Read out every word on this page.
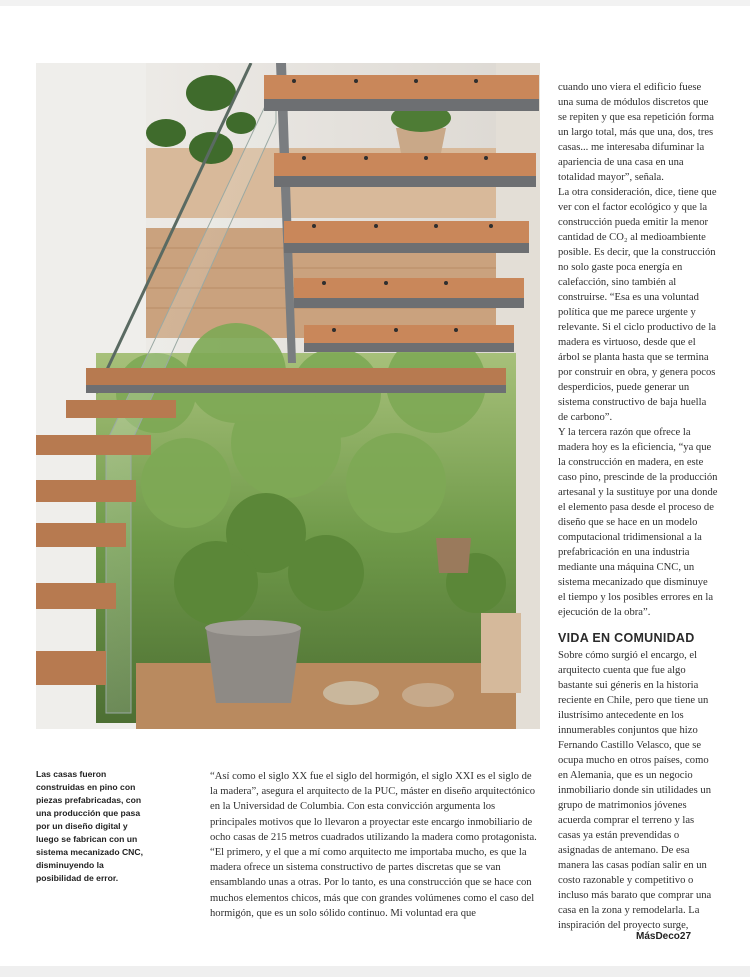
cuando uno viera el edificio fuese una suma de módulos discretos que se repiten y que esa repetición forma un largo total, más que una, dos, tres casas... me interesaba difuminar la apariencia de una casa en una totalidad mayor”, señala.

La otra consideración, dice, tiene que ver con el factor ecológico y que la construcción pueda emitir la menor cantidad de CO₂ al medioambiente posible. Es decir, que la construcción no solo gaste poca energía en calefacción, sino también al construirse. “Esa es una voluntad política que me parece urgente y relevante. Si el ciclo productivo de la madera es virtuoso, desde que el árbol se planta hasta que se termina por construir en obra, y genera pocos desperdicios, puede generar un sistema constructivo de baja huella de carbono”.

Y la tercera razón que ofrece la madera hoy es la eficiencia, “ya que la construcción en madera, en este caso pino, prescinde de la producción artesanal y la sustituye por una donde el elemento pasa desde el proceso de diseño que se hace en un modelo computacional tridimensional a la prefabricación en una industria mediante una máquina CNC, un sistema mecanizado que disminuye el tiempo y los posibles errores en la ejecución de la obra”.

VIDA EN COMUNIDAD

Sobre cómo surgió el encargo, el arquitecto cuenta que fue algo bastante sui géneris en la historia reciente en Chile, pero que tiene un ilustrísimo antecedente en los innumerables conjuntos que hizo Fernando Castillo Velasco, que se ocupa mucho en otros países, como en Alemania, que es un negocio inmobiliario donde sin utilidades un grupo de matrimonios jóvenes acuerda comprar el terreno y las casas ya están prevendidas o asignadas de antemano. De esa manera las casas podían salir en un costo razonable y competitivo o incluso más barato que comprar una casa en la zona y remodelarla. La inspiración del proyecto surge,

Las casas fueron construidas en pino con piezas prefabricadas, con una producción que pasa por un diseño digital y luego se fabrican con un sistema mecanizado CNC, disminuyendo la posibilidad de error.

“Así como el siglo XX fue el siglo del hormigón, el siglo XXI es el siglo de la madera”, asegura el arquitecto de la PUC, máster en diseño arquitectónico en la Universidad de Columbia. Con esta convicción argumenta los principales motivos que lo llevaron a proyectar este encargo inmobiliario de ocho casas de 215 metros cuadrados utilizando la madera como protagonista. “El primero, y el que a mí como arquitecto me importaba mucho, es que la madera ofrece un sistema constructivo de partes discretas que se van ensamblando unas a otras. Por lo tanto, es una construcción que se hace con muchos elementos chicos, más que con grandes volúmenes como el caso del hormigón, que es un solo sólido continuo. Mi voluntad era que

MásDeco27
